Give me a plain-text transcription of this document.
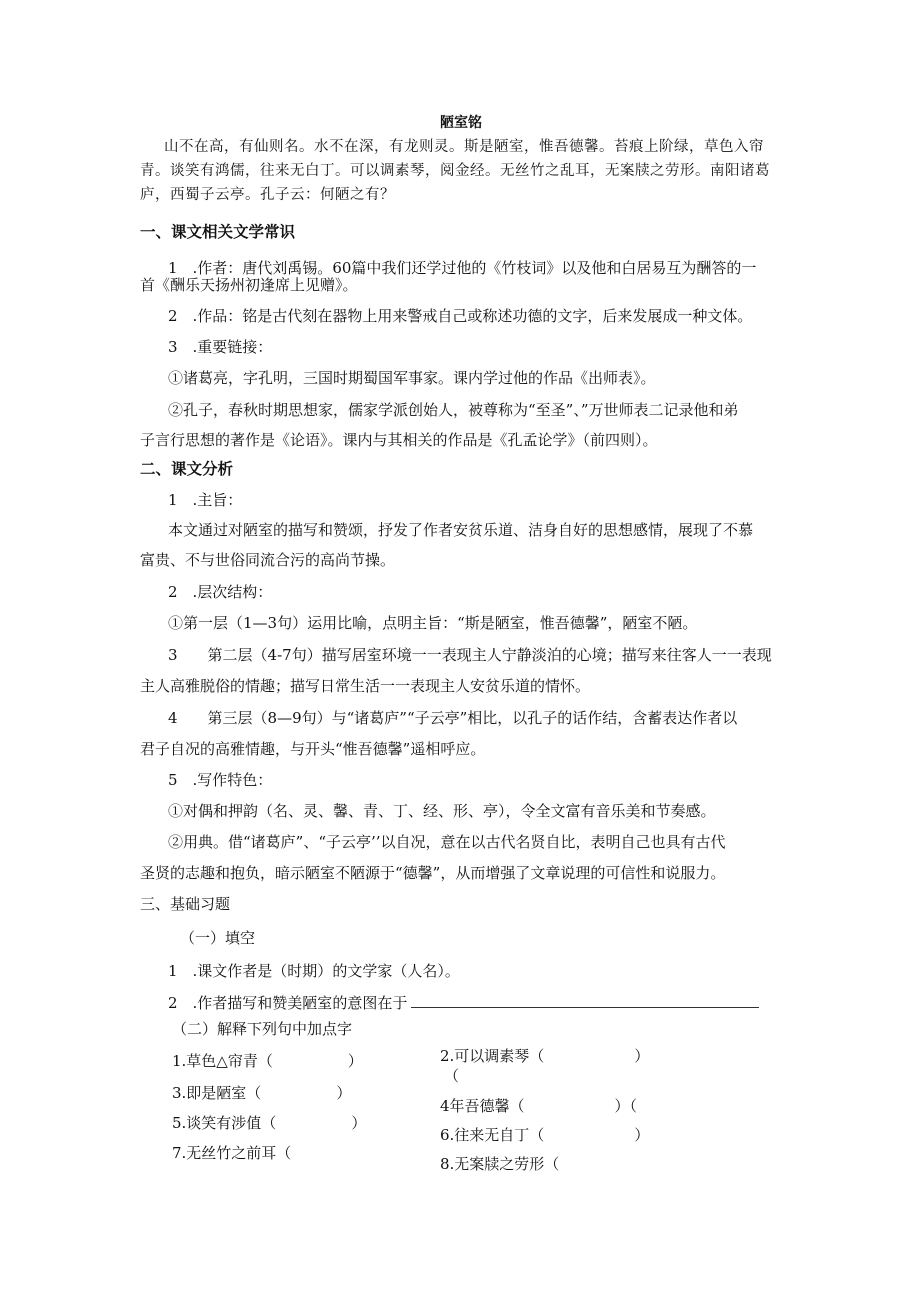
陋室铭
山不在高，有仙则名。水不在深，有龙则灵。斯是陋室，惟吾德馨。苔痕上阶绿，草色入帘
青。谈笑有鸿儒，往来无白丁。可以调素琴，阅金经。无丝竹之乱耳，无案牍之劳形。南阳诸葛
庐，西蜀子云亭。孔子云：何陋之有？
一、课文相关文学常识
1　.作者：唐代刘禹锡。60篇中我们还学过他的《竹枝词》以及他和白居易互为酬答的一
首《酬乐天扬州初逢席上见赠》。
2　.作品：铭是古代刻在器物上用来警戒自己或称述功德的文字，后来发展成一种文体。
3　.重要链接：
①诸葛亮，字孔明，三国时期蜀国军事家。课内学过他的作品《出师表》。
②孔子，春秋时期思想家，儒家学派创始人，被尊称为“至圣”、”万世师表二记录他和弟
子言行思想的著作是《论语》。课内与其相关的作品是《孔孟论学》（前四则）。
二、课文分析
1　.主旨：
本文通过对陋室的描写和赞颂，抒发了作者安贫乐道、洁身自好的思想感情，展现了不慕
富贵、不与世俗同流合污的高尚节操。
2　.层次结构：
①第一层（1—3句）运用比喻，点明主旨：“斯是陋室，惟吾德馨”，陋室不陋。
3　　第二层（4-7句）描写居室环境一一表现主人宁静淡泊的心境；描写来往客人一一表现
主人高雅脱俗的情趣；描写日常生活一一表现主人安贫乐道的情怀。
4　　第三层（8—9句）与“诸葛庐”“子云亭”相比，以孔子的话作结，含蓄表达作者以
君子自况的高雅情趣，与开头“惟吾德馨”遥相呼应。
5　.写作特色：
①对偶和押韵（名、灵、馨、青、丁、经、形、亭），令全文富有音乐美和节奏感。
②用典。借“诸葛庐”、“子云亭’’以自况，意在以古代名贤自比，表明自己也具有古代
圣贤的志趣和抱负，暗示陋室不陋源于“德馨”，从而增强了文章说理的可信性和说服力。
三、基础习题
（一）填空
1　.课文作者是（时期）的文学家（人名）。
2　.作者描写和赞美陋室的意图在于
（二）解释下列句中加点字
1.草色△帘青（　　　　　）
3.即是陋室（　　　　　）
5.谈笑有涉值（　　　　　）
7.无丝竹之前耳（
2.可以调素琴（　　　　　　）
（
4年吾德馨（　　　　　　）（
6.往来无自丁（　　　　　　）
8.无案牍之劳形（
